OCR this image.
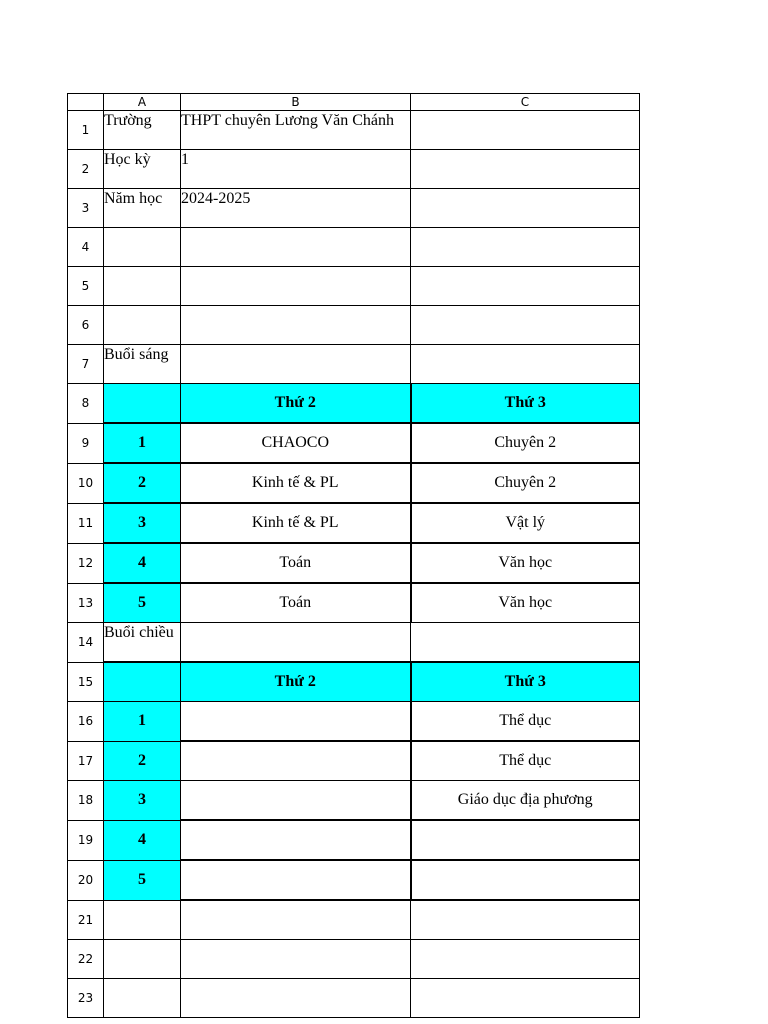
	A	B	C
1	Trường	THPT chuyên Lương Văn Chánh	
2	Học kỳ	1	
3	Năm học	2024-2025	
4			
5			
6			
7	Buổi sáng		
8		Thứ 2	Thứ 3
9	1	CHAOCO	Chuyên 2
10	2	Kinh tế & PL	Chuyên 2
11	3	Kinh tế & PL	Vật lý
12	4	Toán	Văn học
13	5	Toán	Văn học
14	Buổi chiều		
15		Thứ 2	Thứ 3
16	1		Thể dục
17	2		Thể dục
18	3		Giáo dục địa phương
19	4		
20	5		
21			
22			
23			
